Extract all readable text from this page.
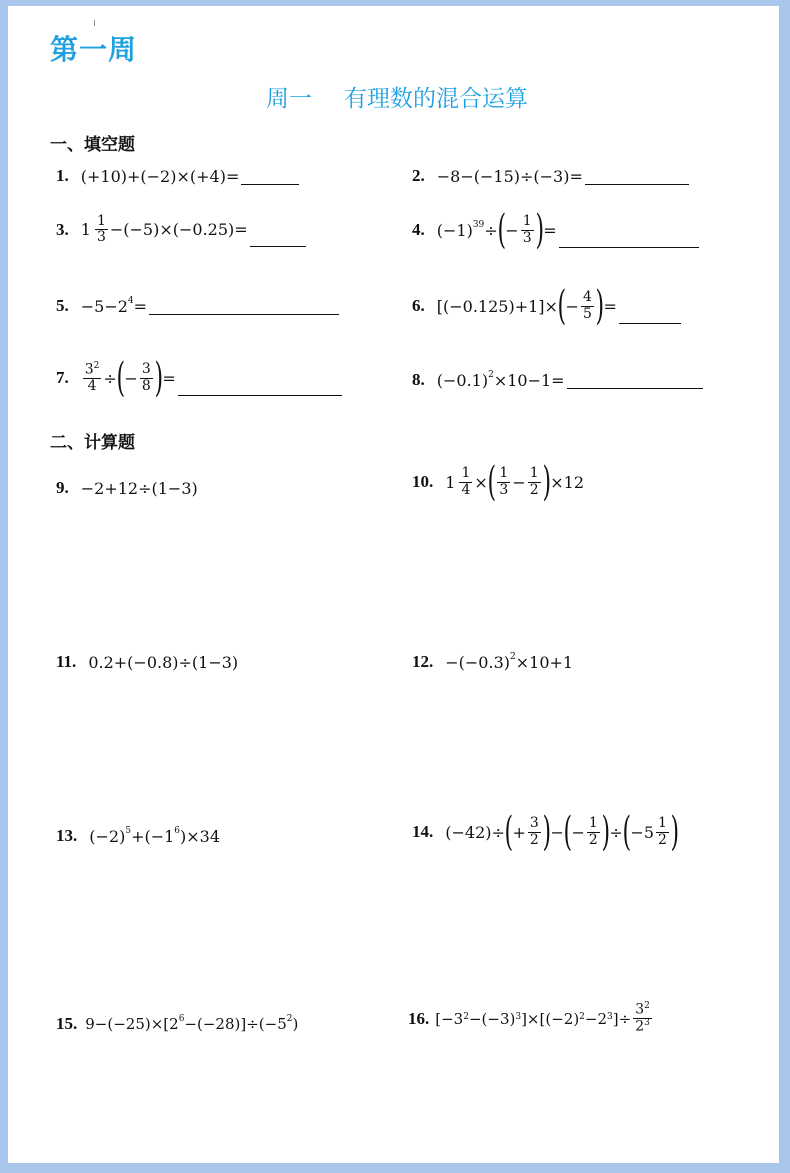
第一周
周一 有理数的混合运算
一、填空题
1. (+10)+(−2)×(+4)=	2. −8−(−15)÷(−3)=
3. $1 \frac{1}{3} -(-5)\times(-0.25)=$	4. $(-1)^{39}$ ÷ ( − $\frac{1}{3}$ ) =
5. $-5-2^4$ =	6. [(−0.125)+1]× ( − $\frac{4}{5}$ ) =
7. $\frac{3^2}{4}$ ÷ ( − $\frac{3}{8}$ ) =	8. $(-0.1)^2 \times 10-1=$
二、计算题
9. −2+12÷(1−3)	10. $1 \frac{1}{4}$ × ( $\frac{1}{3} - \frac{1}{2}$ ) ×12
11. 0.2+(−0.8)÷(1−3)	12. $-(-0.3)^2 \times 10+1$
13. $(-2)^5 +(-1^6$ )×34	14. (−42)÷ ( + $\frac{3}{2}$ ) − ( − $\frac{1}{2}$ ) ÷ ( $-5 \frac{1}{2}$ )
15. $9-(-25)\times[2^6 -(-28)]\div(-5^2$ )	16. [−3 2 −(−3) 3 ]×[(−2) 2 −2 3 ]÷ $\frac{3^2}{2^3}$
